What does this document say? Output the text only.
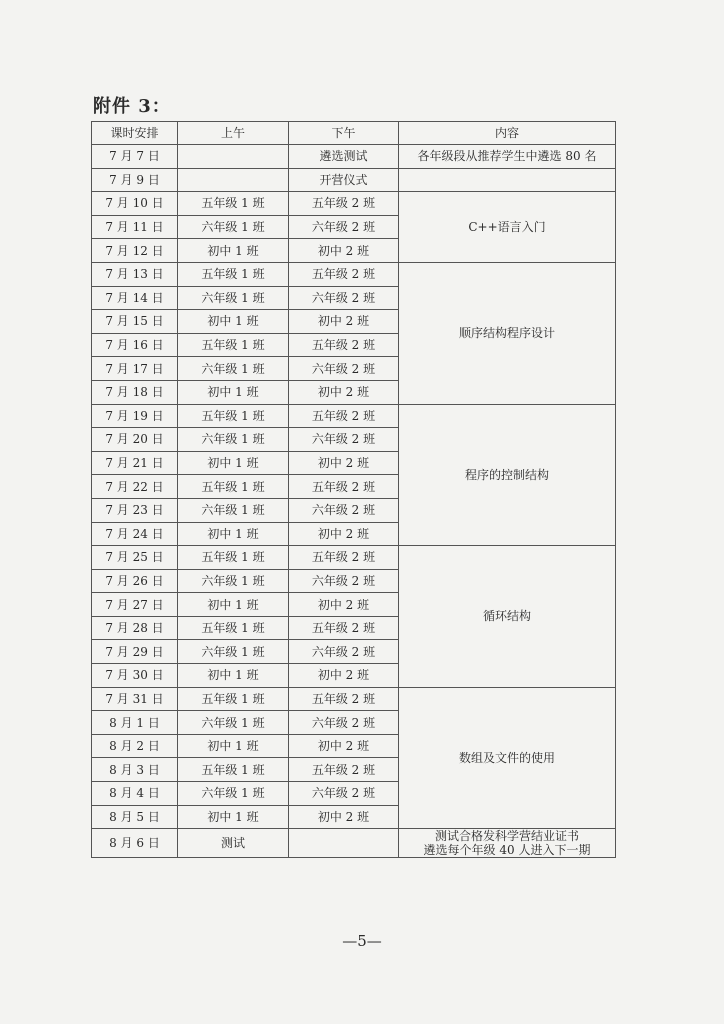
附件 3：
课时安排	上午	下午	内容
7 月 7 日		遴选测试	各年级段从推荐学生中遴选 80 名
7 月 9 日		开营仪式	
7 月 10 日	五年级 1 班	五年级 2 班	C++语言入门
7 月 11 日	六年级 1 班	六年级 2 班	
7 月 12 日	初中 1 班	初中 2 班	
7 月 13 日	五年级 1 班	五年级 2 班	顺序结构程序设计
7 月 14 日	六年级 1 班	六年级 2 班	
7 月 15 日	初中 1 班	初中 2 班	
7 月 16 日	五年级 1 班	五年级 2 班	
7 月 17 日	六年级 1 班	六年级 2 班	
7 月 18 日	初中 1 班	初中 2 班	
7 月 19 日	五年级 1 班	五年级 2 班	程序的控制结构
7 月 20 日	六年级 1 班	六年级 2 班	
7 月 21 日	初中 1 班	初中 2 班	
7 月 22 日	五年级 1 班	五年级 2 班	
7 月 23 日	六年级 1 班	六年级 2 班	
7 月 24 日	初中 1 班	初中 2 班	
7 月 25 日	五年级 1 班	五年级 2 班	循环结构
7 月 26 日	六年级 1 班	六年级 2 班	
7 月 27 日	初中 1 班	初中 2 班	
7 月 28 日	五年级 1 班	五年级 2 班	
7 月 29 日	六年级 1 班	六年级 2 班	
7 月 30 日	初中 1 班	初中 2 班	
7 月 31 日	五年级 1 班	五年级 2 班	数组及文件的使用
8 月 1 日	六年级 1 班	六年级 2 班	
8 月 2 日	初中 1 班	初中 2 班	
8 月 3 日	五年级 1 班	五年级 2 班	
8 月 4 日	六年级 1 班	六年级 2 班	
8 月 5 日	初中 1 班	初中 2 班	
8 月 6 日	测试		测试合格发科学营结业证书
遴选每个年级 40 人进入下一期
—5—
